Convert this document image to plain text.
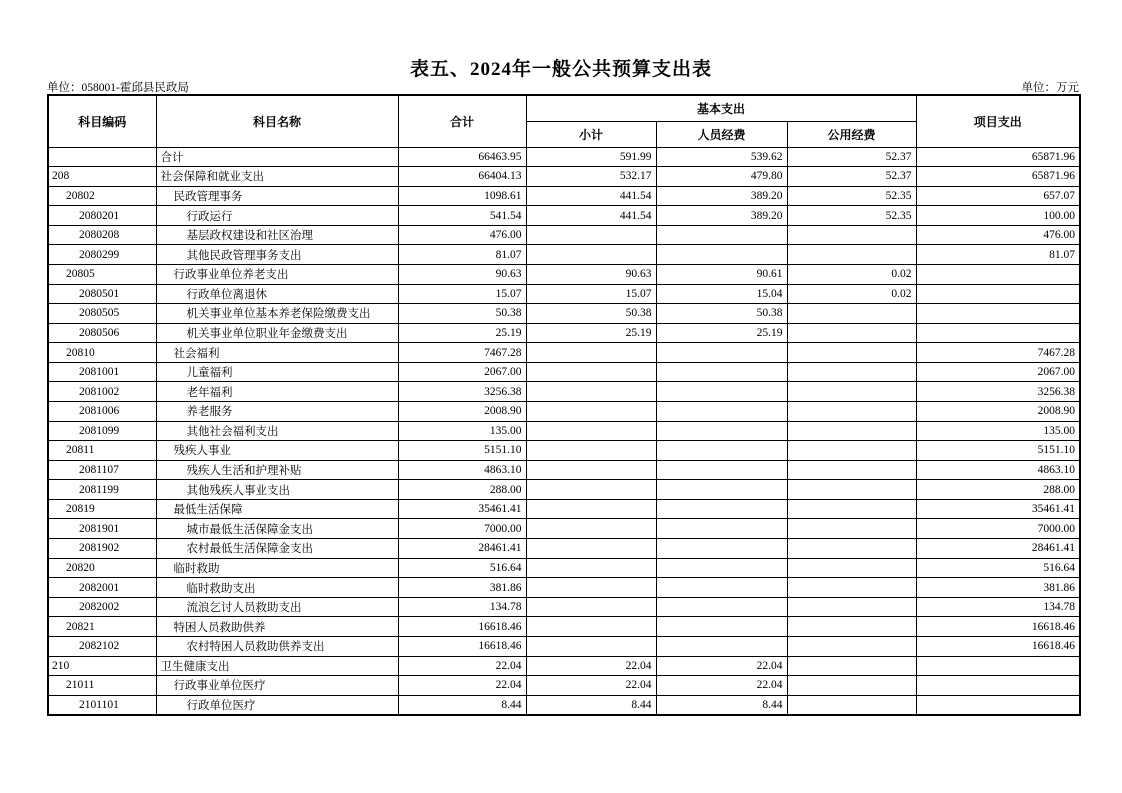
表五、2024年一般公共预算支出表
单位：058001-霍邱县民政局	单位：万元
科目编码	科目名称	合计	基本支出			项目支出
			小计	人员经费	公用经费	
	合计	66463.95	591.99	539.62	52.37	65871.96
208	社会保障和就业支出	66404.13	532.17	479.80	52.37	65871.96
20802	民政管理事务	1098.61	441.54	389.20	52.35	657.07
2080201	行政运行	541.54	441.54	389.20	52.35	100.00
2080208	基层政权建设和社区治理	476.00				476.00
2080299	其他民政管理事务支出	81.07				81.07
20805	行政事业单位养老支出	90.63	90.63	90.61	0.02	
2080501	行政单位离退休	15.07	15.07	15.04	0.02	
2080505	机关事业单位基本养老保险缴费支出	50.38	50.38	50.38		
2080506	机关事业单位职业年金缴费支出	25.19	25.19	25.19		
20810	社会福利	7467.28				7467.28
2081001	儿童福利	2067.00				2067.00
2081002	老年福利	3256.38				3256.38
2081006	养老服务	2008.90				2008.90
2081099	其他社会福利支出	135.00				135.00
20811	残疾人事业	5151.10				5151.10
2081107	残疾人生活和护理补贴	4863.10				4863.10
2081199	其他残疾人事业支出	288.00				288.00
20819	最低生活保障	35461.41				35461.41
2081901	城市最低生活保障金支出	7000.00				7000.00
2081902	农村最低生活保障金支出	28461.41				28461.41
20820	临时救助	516.64				516.64
2082001	临时救助支出	381.86				381.86
2082002	流浪乞讨人员救助支出	134.78				134.78
20821	特困人员救助供养	16618.46				16618.46
2082102	农村特困人员救助供养支出	16618.46				16618.46
210	卫生健康支出	22.04	22.04	22.04		
21011	行政事业单位医疗	22.04	22.04	22.04		
2101101	行政单位医疗	8.44	8.44	8.44		
